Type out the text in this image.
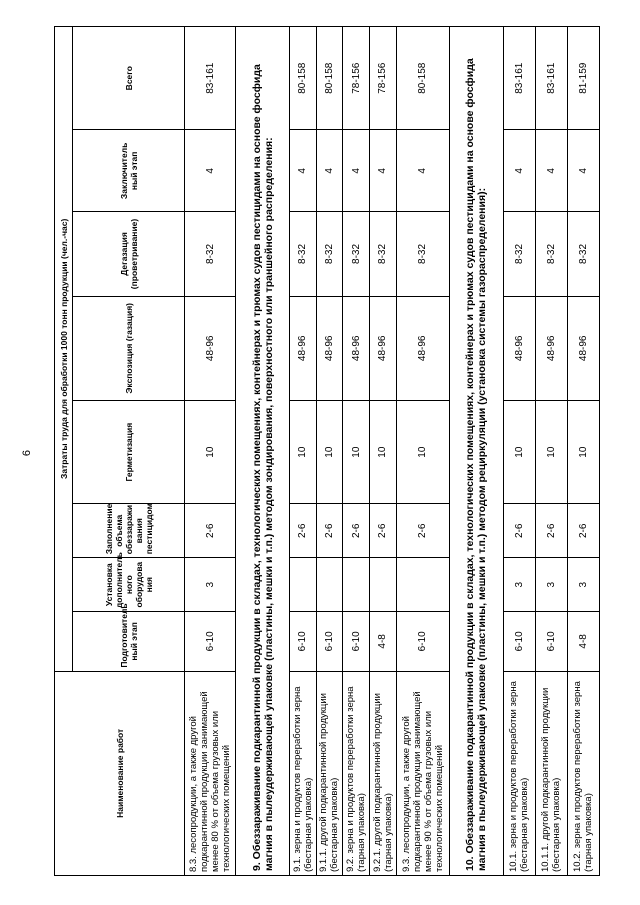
6
Наименование работ	Затраты труда для обработки 1000 тонн продукции (чел.-час)							
	Подготовитель ный этап	Установка дополнитель ного оборудова ния	Заполнение объема обеззаражи вания пестицидом	Герметизация	Экспозиция (газация)	Дегазация (проветривание)	Заключитель ный этап	Всего
8.3. лесопродукции, а также другой подкарантинной продукции занимающей менее 80 % от объема грузовых или технологических помещений	6-10	3	2-6	10	48-96	8-32	4	83-161
9. Обеззараживание подкарантинной продукции в складах, технологических помещениях, контейнерах и трюмах судов пестицидами на основе фосфида магния в пылеудерживающей упаковке (пластины, мешки и т.п.) методом зондирования, поверхностного или траншейного распределения:								
9.1. зерна и продуктов переработки зерна (бестарная упаковка)	6-10		2-6	10	48-96	8-32	4	80-158
9.1.1. другой подкарантинной продукции (бестарная упаковка)	6-10		2-6	10	48-96	8-32	4	80-158
9.2. зерна и продуктов переработки зерна (тарная упаковка)	6-10		2-6	10	48-96	8-32	4	78-156
9.2.1. другой подкарантинной продукции (тарная упаковка)	4-8		2-6	10	48-96	8-32	4	78-156
9.3. лесопродукции, а также другой подкарантинной продукции занимающей менее 90 % от объема грузовых или технологических помещений	6-10		2-6	10	48-96	8-32	4	80-158
10. Обеззараживание подкарантинной продукции в складах, технологических помещениях, контейнерах и трюмах судов пестицидами на основе фосфида магния в пылеудерживающей упаковке (пластины, мешки и т.п.) методом рециркуляции (установка системы газораспределения):								
10.1. зерна и продуктов переработки зерна (бестарная упаковка)	6-10	3	2-6	10	48-96	8-32	4	83-161
10.1.1. другой подкарантинной продукции (бестарная упаковка)	6-10	3	2-6	10	48-96	8-32	4	83-161
10.2. зерна и продуктов переработки зерна (тарная упаковка)	4-8	3	2-6	10	48-96	8-32	4	81-159
